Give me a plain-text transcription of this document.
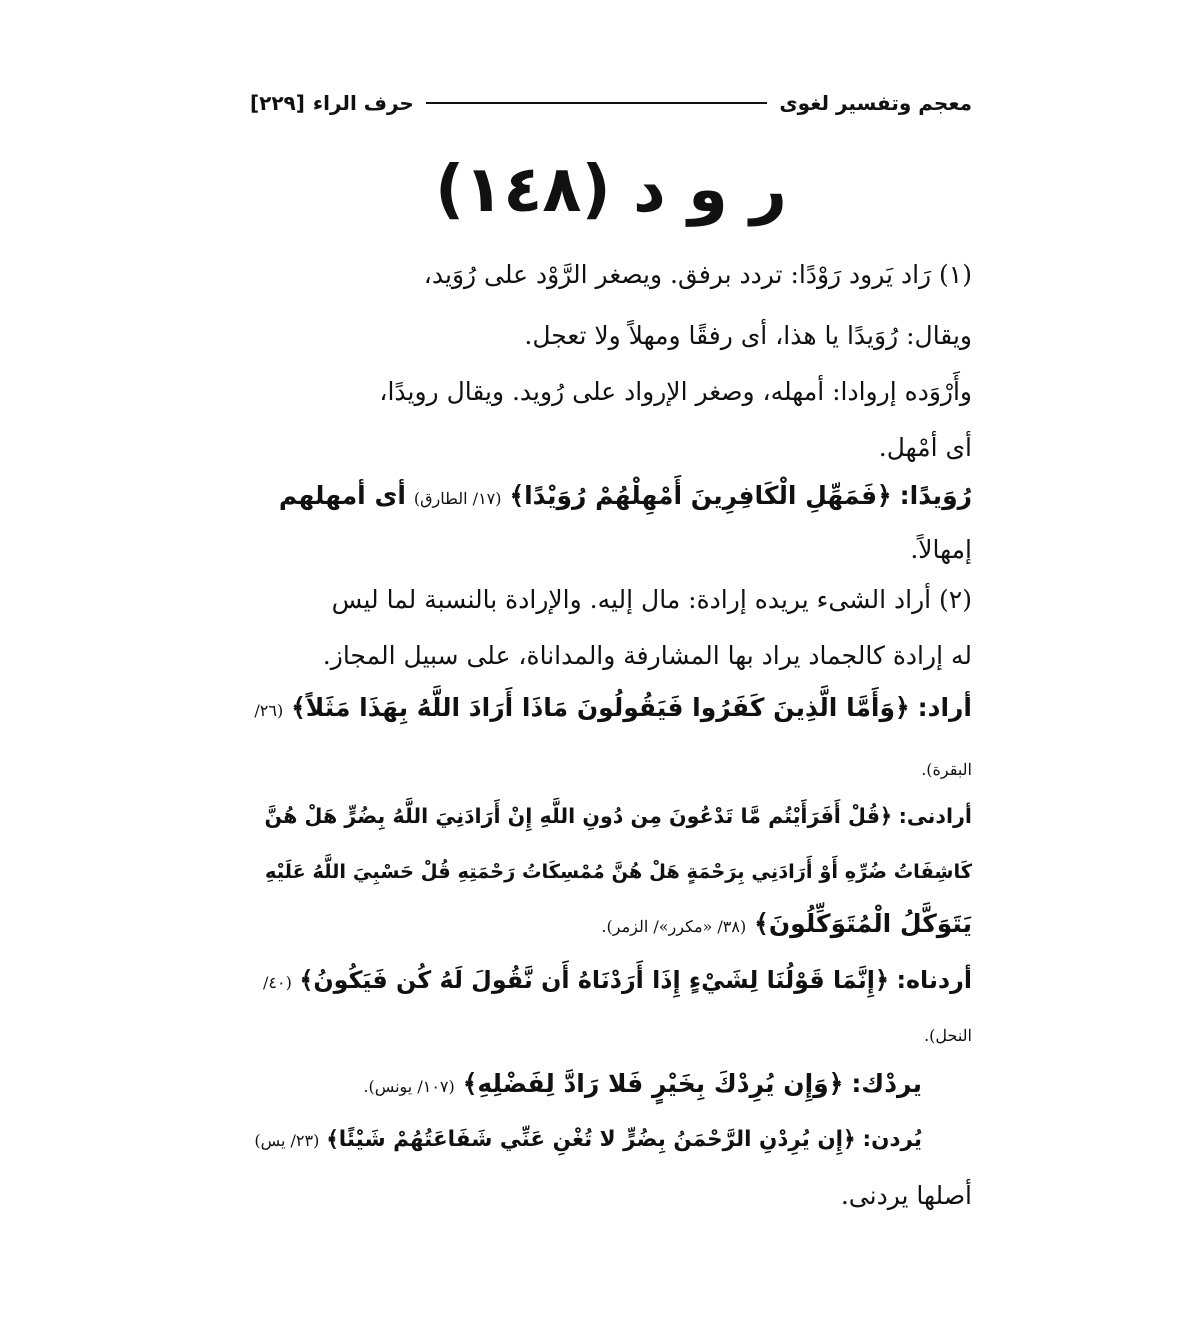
معجم وتفسير لغوى
حرف الراء
[٢٢٩]
ر و د (١٤٨)
(١) رَاد يَرود رَوْدًا: تردد برفق. ويصغر الرَّوْد على رُوَيد،
ويقال: رُوَيدًا يا هذا، أى رفقًا ومهلاً ولا تعجل.
وأَرْوَده إروادا: أمهله، وصغر الإرواد على رُويد. ويقال رويدًا،
أى أمْهل.
رُوَيدًا: ﴿فَمَهِّلِ الْكَافِرِينَ أَمْهِلْهُمْ رُوَيْدًا﴾ (١٧/ الطارق) أى أمهلهم
إمهالاً.
(٢) أراد الشىء يريده إرادة: مال إليه. والإرادة بالنسبة لما ليس
له إرادة كالجماد يراد بها المشارفة والمداناة، على سبيل المجاز.
أراد: ﴿وَأَمَّا الَّذِينَ كَفَرُوا فَيَقُولُونَ مَاذَا أَرَادَ اللَّهُ بِهَذَا مَثَلاً﴾ (٢٦/
البقرة).
أرادنى: ﴿قُلْ أَفَرَأَيْتُم مَّا تَدْعُونَ مِن دُونِ اللَّهِ إِنْ أَرَادَنِيَ اللَّهُ بِضُرٍّ هَلْ هُنَّ
كَاشِفَاتُ ضُرِّهِ أَوْ أَرَادَنِي بِرَحْمَةٍ هَلْ هُنَّ مُمْسِكَاتُ رَحْمَتِهِ قُلْ حَسْبِيَ اللَّهُ عَلَيْهِ
يَتَوَكَّلُ الْمُتَوَكِّلُونَ﴾ (٣٨/ «مكرر»/ الزمر).
أردناه: ﴿إِنَّمَا قَوْلُنَا لِشَيْءٍ إِذَا أَرَدْنَاهُ أَن نَّقُولَ لَهُ كُن فَيَكُونُ﴾ (٤٠/
النحل).
يردْك: ﴿وَإِن يُرِدْكَ بِخَيْرٍ فَلا رَادَّ لِفَضْلِهِ﴾ (١٠٧/ يونس).
يُردن: ﴿إِن يُرِدْنِ الرَّحْمَنُ بِضُرٍّ لا تُغْنِ عَنِّي شَفَاعَتُهُمْ شَيْئًا﴾ (٢٣/ يس)
أصلها يردنى.
